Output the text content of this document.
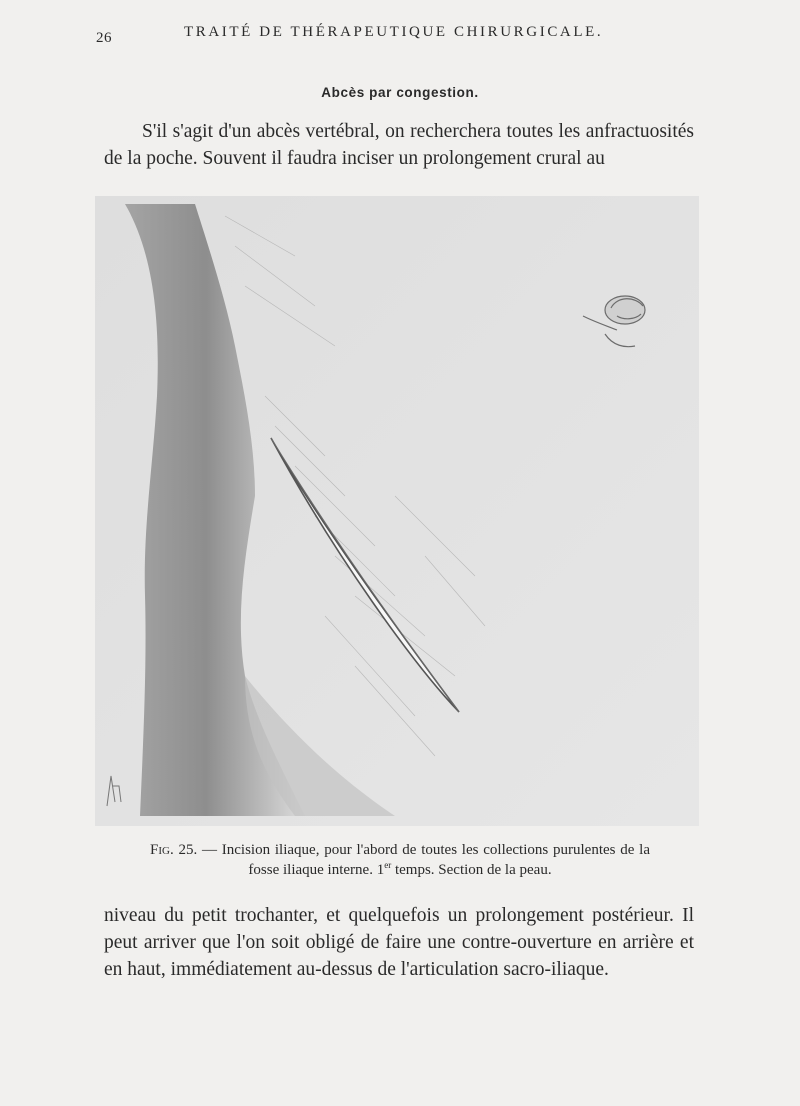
26	TRAITÉ DE THÉRAPEUTIQUE CHIRURGICALE.
Abcès par congestion.

S'il s'agit d'un abcès vertébral, on recherchera toutes les anfractuosités de la poche. Souvent il faudra inciser un prolongement crural au

Fig. 25. — Incision iliaque, pour l'abord de toutes les collections purulentes de la fosse iliaque interne. 1er temps. Section de la peau.

niveau du petit trochanter, et quelquefois un prolongement postérieur. Il peut arriver que l'on soit obligé de faire une contre-ouverture en arrière et en haut, immédiatement au-dessus de l'articulation sacro-iliaque.
